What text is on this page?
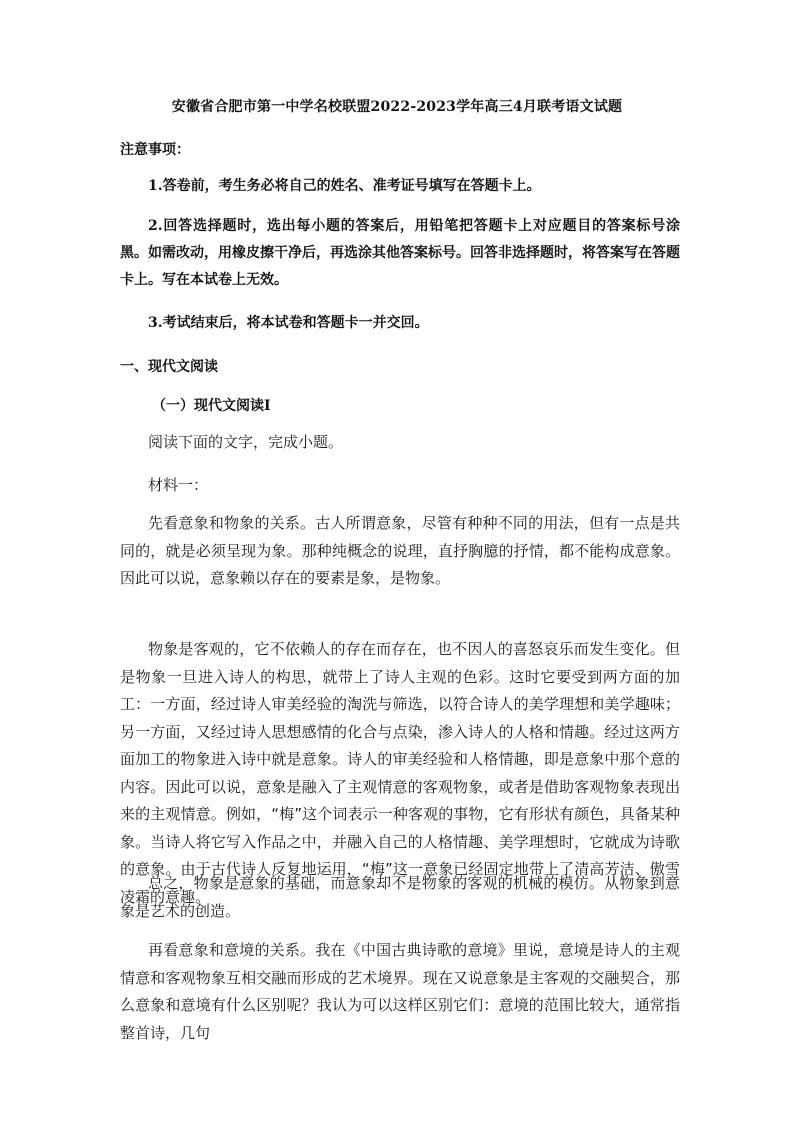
安徽省合肥市第一中学名校联盟2022-2023学年高三4月联考语文试题
注意事项：
1.答卷前，考生务必将自己的姓名、准考证号填写在答题卡上。
2.回答选择题时，选出每小题的答案后，用铅笔把答题卡上对应题目的答案标号涂黑。如需改动，用橡皮擦干净后，再选涂其他答案标号。回答非选择题时，将答案写在答题卡上。写在本试卷上无效。
3.考试结束后，将本试卷和答题卡一并交回。
一、现代文阅读
（一）现代文阅读Ⅰ
阅读下面的文字，完成小题。
材料一：
先看意象和物象的关系。古人所谓意象，尽管有种种不同的用法，但有一点是共同的，就是必须呈现为象。那种纯概念的说理，直抒胸臆的抒情，都不能构成意象。因此可以说，意象赖以存在的要素是象，是物象。
物象是客观的，它不依赖人的存在而存在，也不因人的喜怒哀乐而发生变化。但是物象一旦进入诗人的构思，就带上了诗人主观的色彩。这时它要受到两方面的加工：一方面，经过诗人审美经验的淘洗与筛选，以符合诗人的美学理想和美学趣味；另一方面，又经过诗人思想感情的化合与点染，渗入诗人的人格和情趣。经过这两方面加工的物象进入诗中就是意象。诗人的审美经验和人格情趣，即是意象中那个意的内容。因此可以说，意象是融入了主观情意的客观物象，或者是借助客观物象表现出来的主观情意。例如，“梅”这个词表示一种客观的事物，它有形状有颜色，具备某种象。当诗人将它写入作品之中，并融入自己的人格情趣、美学理想时，它就成为诗歌的意象。由于古代诗人反复地运用，“梅”这一意象已经固定地带上了清高芳洁、傲雪凌霜的意趣。
总之，物象是意象的基础，而意象却不是物象的客观的机械的模仿。从物象到意象是艺术的创造。
再看意象和意境的关系。我在《中国古典诗歌的意境》里说，意境是诗人的主观情意和客观物象互相交融而形成的艺术境界。现在又说意象是主客观的交融契合，那么意象和意境有什么区别呢？我认为可以这样区别它们：意境的范围比较大，通常指整首诗，几句
